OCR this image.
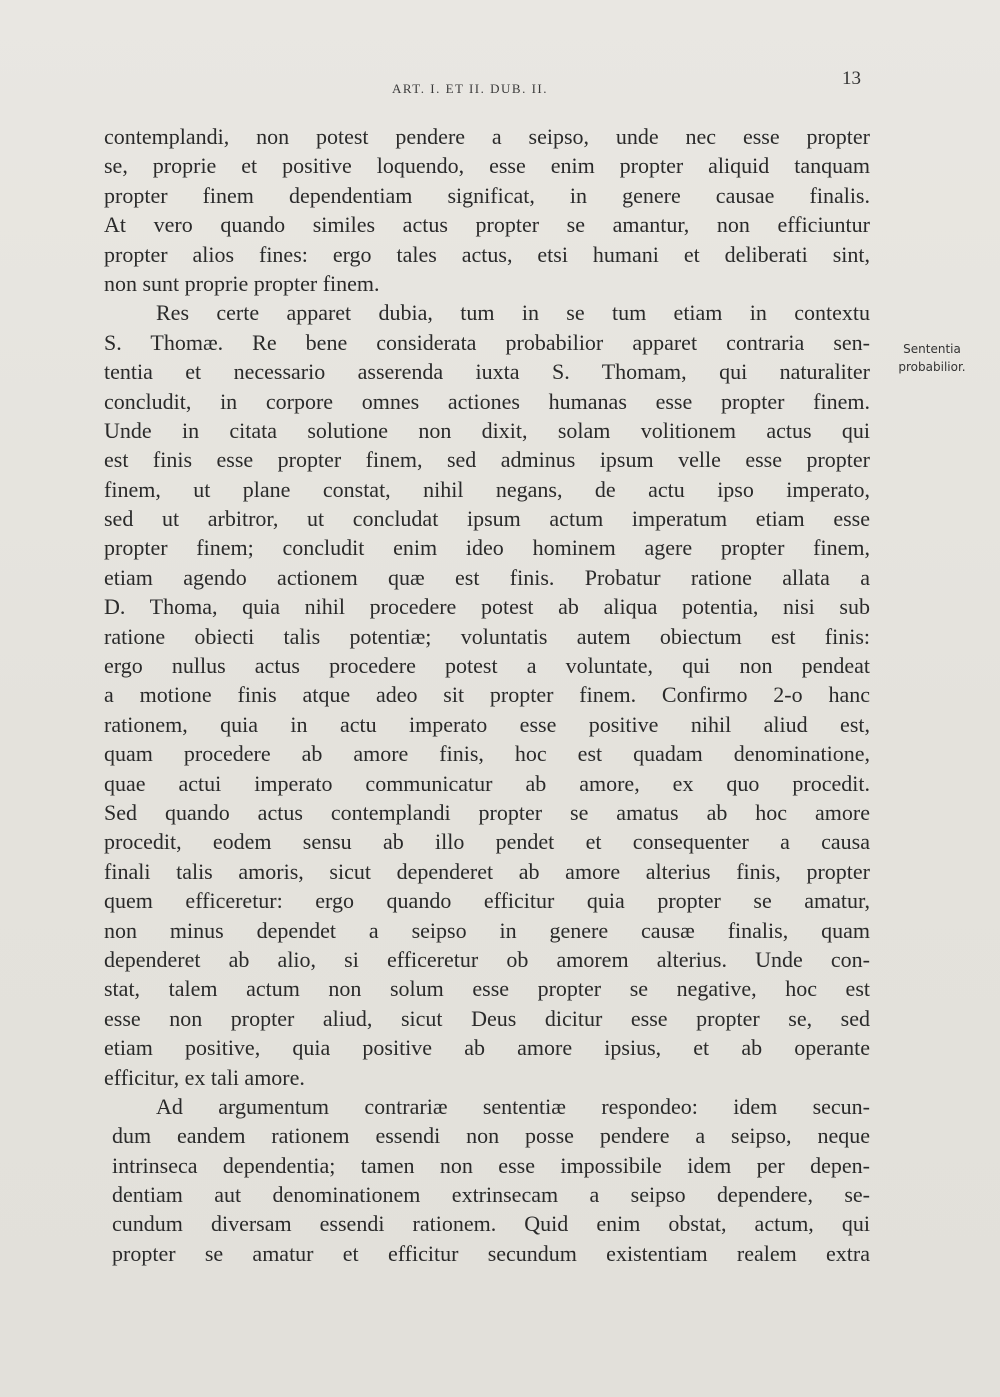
ART. I. ET II. DUB. II.	13
Sententia
probabilior.
contemplandi, non potest pendere a seipso, unde nec esse propter
se, proprie et positive loquendo, esse enim propter aliquid tanquam
propter finem dependentiam significat, in genere causae finalis.
At vero quando similes actus propter se amantur, non efficiuntur
propter alios fines: ergo tales actus, etsi humani et deliberati sint,
non sunt proprie propter finem.
Res certe apparet dubia, tum in se tum etiam in contextu
S. Thomæ. Re bene considerata probabilior apparet contraria sen-
tentia et necessario asserenda iuxta S. Thomam, qui naturaliter
concludit, in corpore omnes actiones humanas esse propter finem.
Unde in citata solutione non dixit, solam volitionem actus qui
est finis esse propter finem, sed adminus ipsum velle esse propter
finem, ut plane constat, nihil negans, de actu ipso imperato,
sed ut arbitror, ut concludat ipsum actum imperatum etiam esse
propter finem; concludit enim ideo hominem agere propter finem,
etiam agendo actionem quæ est finis. Probatur ratione allata a
D. Thoma, quia nihil procedere potest ab aliqua potentia, nisi sub
ratione obiecti talis potentiæ; voluntatis autem obiectum est finis:
ergo nullus actus procedere potest a voluntate, qui non pendeat
a motione finis atque adeo sit propter finem. Confirmo 2-o hanc
rationem, quia in actu imperato esse positive nihil aliud est,
quam procedere ab amore finis, hoc est quadam denominatione,
quae actui imperato communicatur ab amore, ex quo procedit.
Sed quando actus contemplandi propter se amatus ab hoc amore
procedit, eodem sensu ab illo pendet et consequenter a causa
finali talis amoris, sicut dependeret ab amore alterius finis, propter
quem efficeretur: ergo quando efficitur quia propter se amatur,
non minus dependet a seipso in genere causæ finalis, quam
dependeret ab alio, si efficeretur ob amorem alterius. Unde con-
stat, talem actum non solum esse propter se negative, hoc est
esse non propter aliud, sicut Deus dicitur esse propter se, sed
etiam positive, quia positive ab amore ipsius, et ab operante
efficitur, ex tali amore.
Ad argumentum contrariæ sententiæ respondeo: idem secun-
dum eandem rationem essendi non posse pendere a seipso, neque
intrinseca dependentia; tamen non esse impossibile idem per depen-
dentiam aut denominationem extrinsecam a seipso dependere, se-
cundum diversam essendi rationem. Quid enim obstat, actum, qui
propter se amatur et efficitur secundum existentiam realem extra
